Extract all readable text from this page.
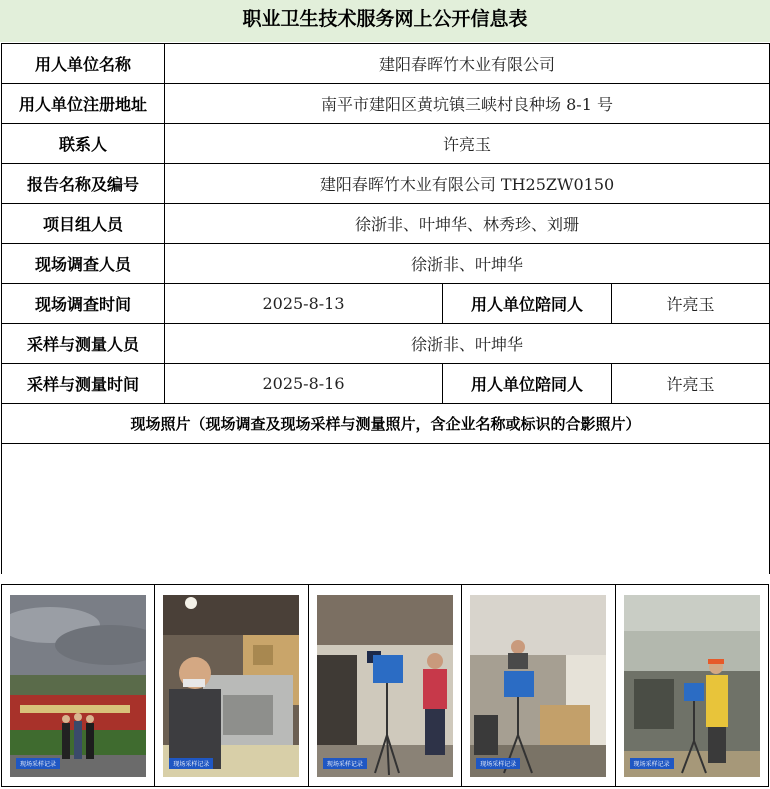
职业卫生技术服务网上公开信息表
用人单位名称	建阳春晖竹木业有限公司		
用人单位注册地址	南平市建阳区黄坑镇三峡村良种场 8-1 号		
联系人	许亮玉		
报告名称及编号	建阳春晖竹木业有限公司 TH25ZW0150		
项目组人员	徐浙非、叶坤华、林秀珍、刘珊		
现场调查人员	徐浙非、叶坤华		
现场调查时间	2025-8-13	用人单位陪同人	许亮玉
采样与测量人员	徐浙非、叶坤华		
采样与测量时间	2025-8-16	用人单位陪同人	许亮玉
现场照片（现场调查及现场采样与测量照片，含企业名称或标识的合影照片）			

现场采样记录	现场采样记录	现场采样记录	现场采样记录	现场采样记录
